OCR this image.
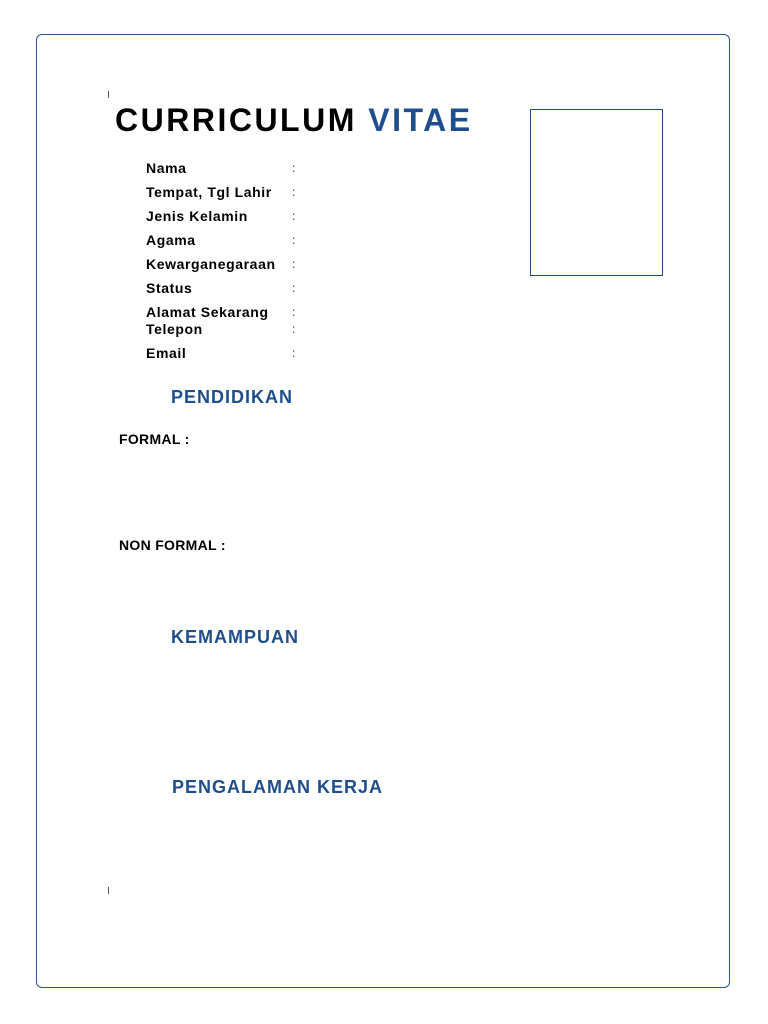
CURRICULUM VITAE
Nama	:
Tempat, Tgl Lahir :
Jenis Kelamin	:
Agama	:
Kewarganegaraan :
Status	:
Alamat Sekarang :
Telepon	:
Email	:
PENDIDIKAN
FORMAL :
NON FORMAL :
KEMAMPUAN
PENGALAMAN KERJA
